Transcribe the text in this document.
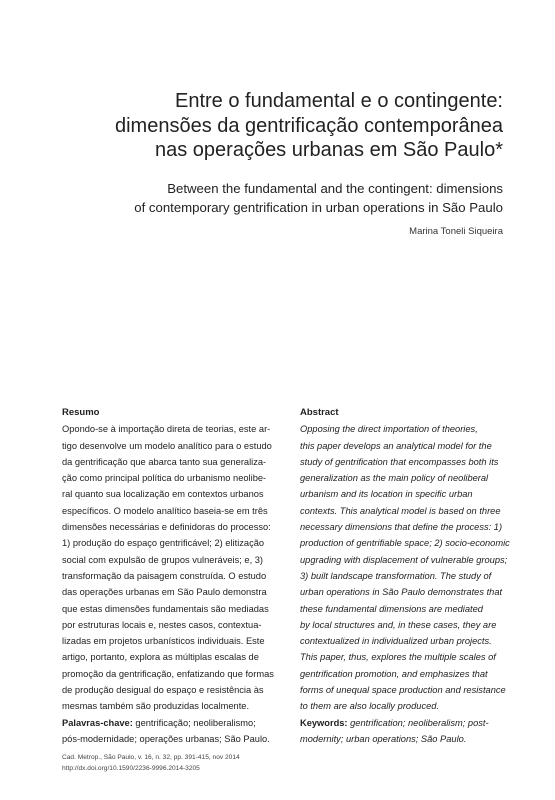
Entre o fundamental e o contingente:
dimensões da gentrificação contemporânea
nas operações urbanas em São Paulo*
Between the fundamental and the contingent: dimensions
of contemporary gentrification in urban operations in São Paulo
Marina Toneli Siqueira
Resumo
Opondo-se à importação direta de teorias, este ar-
tigo desenvolve um modelo analítico para o estudo
da gentrificação que abarca tanto sua generaliza-
ção como principal política do urbanismo neolibe-
ral quanto sua localização em contextos urbanos
específicos. O modelo analítico baseia-se em três
dimensões necessárias e definidoras do processo:
1) produção do espaço gentrificável; 2) elitização
social com expulsão de grupos vulneráveis; e, 3)
transformação da paisagem construída. O estudo
das operações urbanas em São Paulo demonstra
que estas dimensões fundamentais são mediadas
por estruturas locais e, nestes casos, contextua-
lizadas em projetos urbanísticos individuais. Este
artigo, portanto, explora as múltiplas escalas de
promoção da gentrificação, enfatizando que formas
de produção desigual do espaço e resistência às
mesmas também são produzidas localmente.
Palavras-chave: gentrificação; neoliberalismo;
pós-modernidade; operações urbanas; São Paulo.
Abstract
Opposing the direct importation of theories,
this paper develops an analytical model for the
study of gentrification that encompasses both its
generalization as the main policy of neoliberal
urbanism and its location in specific urban
contexts. This analytical model is based on three
necessary dimensions that define the process: 1)
production of gentrifiable space; 2) socio-economic
upgrading with displacement of vulnerable groups;
3) built landscape transformation. The study of
urban operations in São Paulo demonstrates that
these fundamental dimensions are mediated
by local structures and, in these cases, they are
contextualized in individualized urban projects.
This paper, thus, explores the multiple scales of
gentrification promotion, and emphasizes that
forms of unequal space production and resistance
to them are also locally produced.
Keywords: gentrification; neoliberalism; post-
modernity; urban operations; São Paulo.
Cad. Metrop., São Paulo, v. 16, n. 32, pp. 391-415, nov 2014
http://dx.doi.org/10.1590/2236-9996.2014-3205
